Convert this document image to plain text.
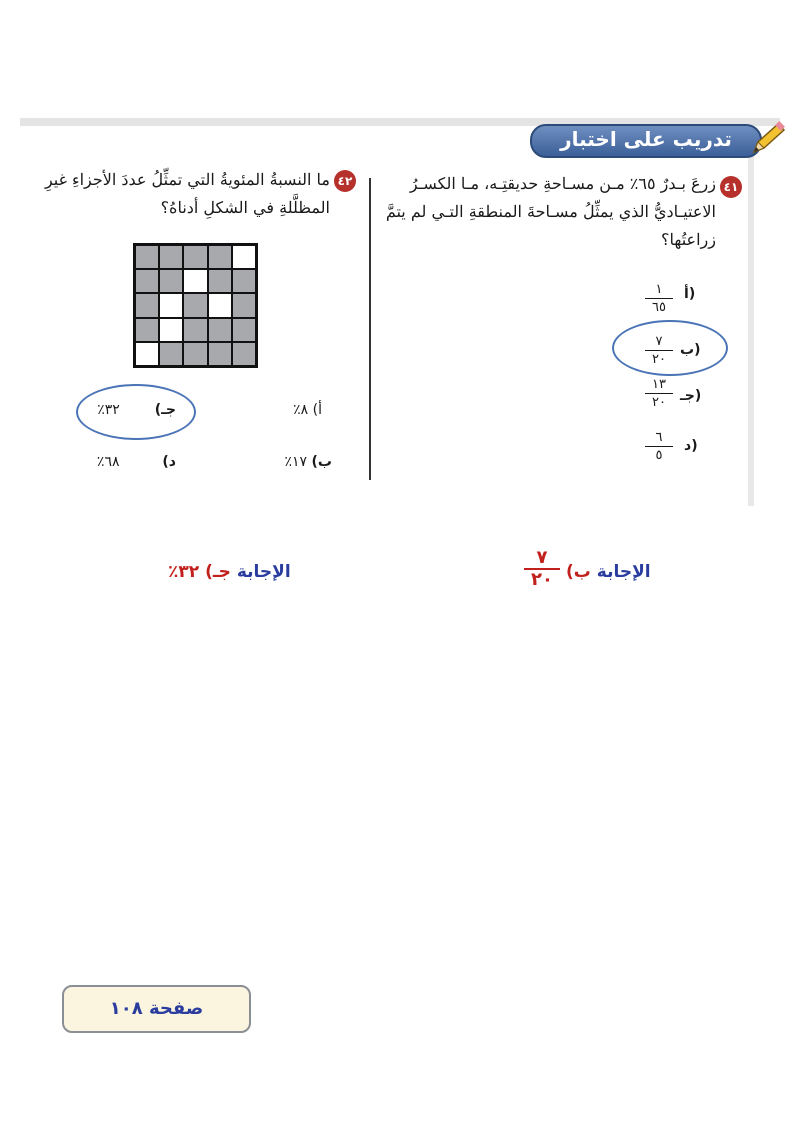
تدريب على اختبار
٤١
زرعَ بـدرٌ ٦٥٪ مـن مسـاحةِ حديقتِـه، مـا الكسـرُ الاعتيـاديُّ الذي يمثِّلُ مسـاحةَ المنطقةِ التـي لم يتمَّ زراعتُها؟
أ)
١
٦٥
ب)
٧
٢٠
جـ)
١٣
٢٠
د)
٦
٥
٤٢
ما النسبةُ المئويةُ التي تمثِّلُ عددَ الأجزاءِ غيرِ المظلَّلةِ في الشكلِ أدناهُ؟
أ) ٨٪
جـ)  ٣٢٪
ب) ١٧٪
د)  ٦٨٪
الإجابة ب)
٧
٢٠
الإجابة جـ) ٣٢٪
صفحة ١٠٨
